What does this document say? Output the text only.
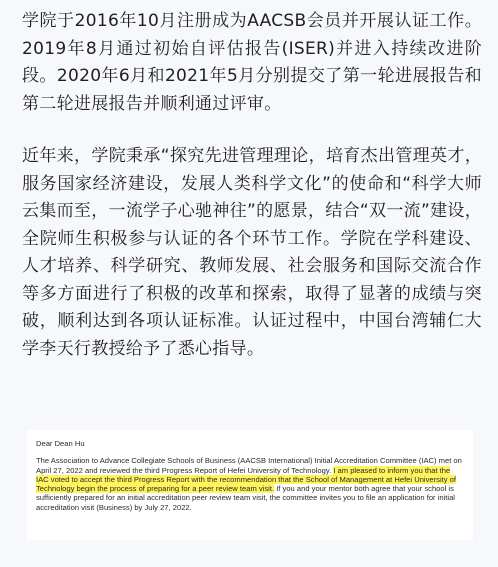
学院于2016年10月注册成为AACSB会员并开展认证工作。2019年8月通过初始自评估报告(ISER)并进入持续改进阶段。2020年6月和2021年5月分别提交了第一轮进展报告和第二轮进展报告并顺利通过评审。

近年来，学院秉承“探究先进管理理论，培育杰出管理英才，服务国家经济建设，发展人类科学文化”的使命和“科学大师云集而至，一流学子心驰神往”的愿景，结合“双一流”建设，全院师生积极参与认证的各个环节工作。学院在学科建设、人才培养、科学研究、教师发展、社会服务和国际交流合作等多方面进行了积极的改革和探索，取得了显著的成绩与突破，顺利达到各项认证标准。认证过程中，中国台湾辅仁大学李天行教授给予了悉心指导。

Dear Dean Hu

The Association to Advance Collegiate Schools of Business (AACSB International) Initial Accreditation Committee (IAC) met on April 27, 2022 and reviewed the third Progress Report of Hefei University of Technology. I am pleased to inform you that the IAC voted to accept the third Progress Report with the recommendation that the School of Management at Hefei University of Technology begin the process of preparing for a peer review team visit. If you and your mentor both agree that your school is sufficiently prepared for an initial accreditation peer review team visit, the committee invites you to file an application for initial accreditation visit (Business) by July 27, 2022.
